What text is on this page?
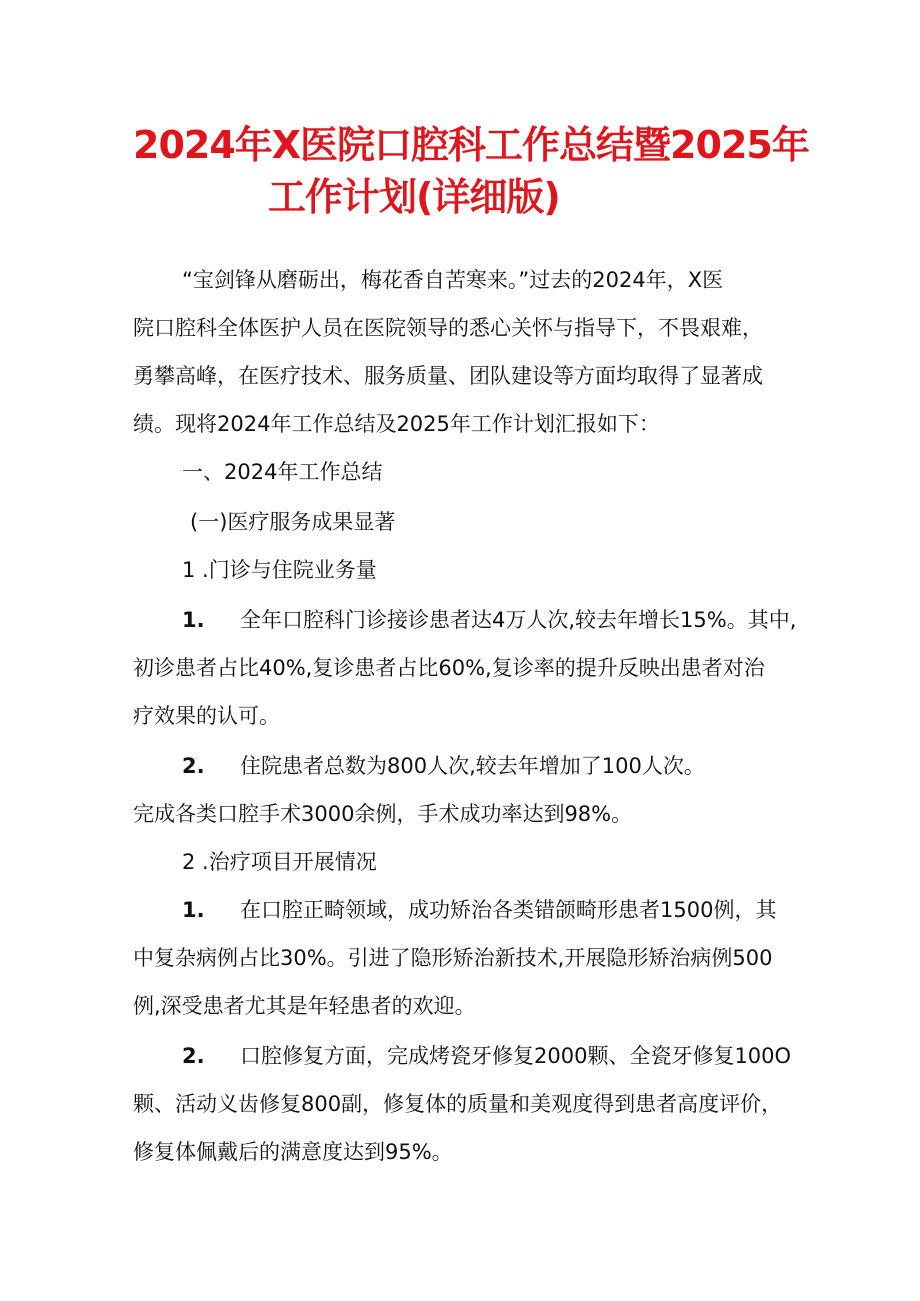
2024年X医院口腔科工作总结暨2025年
工作计划(详细版)
“宝剑锋从磨砺出，梅花香自苦寒来。”过去的2024年，X医
院口腔科全体医护人员在医院领导的悉心关怀与指导下，不畏艰难，
勇攀高峰，在医疗技术、服务质量、团队建设等方面均取得了显著成
绩。现将2024年工作总结及2025年工作计划汇报如下：
一、2024年工作总结
(一)医疗服务成果显著
1 .门诊与住院业务量
1. 全年口腔科门诊接诊患者达4万人次,较去年增长15%。其中,
初诊患者占比40%,复诊患者占比60%,复诊率的提升反映出患者对治
疗效果的认可。
2. 住院患者总数为800人次,较去年增加了100人次。
完成各类口腔手术3000余例，手术成功率达到98%。
2 .治疗项目开展情况
1. 在口腔正畸领域，成功矫治各类错颌畸形患者1500例，其
中复杂病例占比30%。引进了隐形矫治新技术,开展隐形矫治病例500
例,深受患者尤其是年轻患者的欢迎。
2. 口腔修复方面，完成烤瓷牙修复2000颗、全瓷牙修复100O
颗、活动义齿修复800副，修复体的质量和美观度得到患者高度评价，
修复体佩戴后的满意度达到95%。
